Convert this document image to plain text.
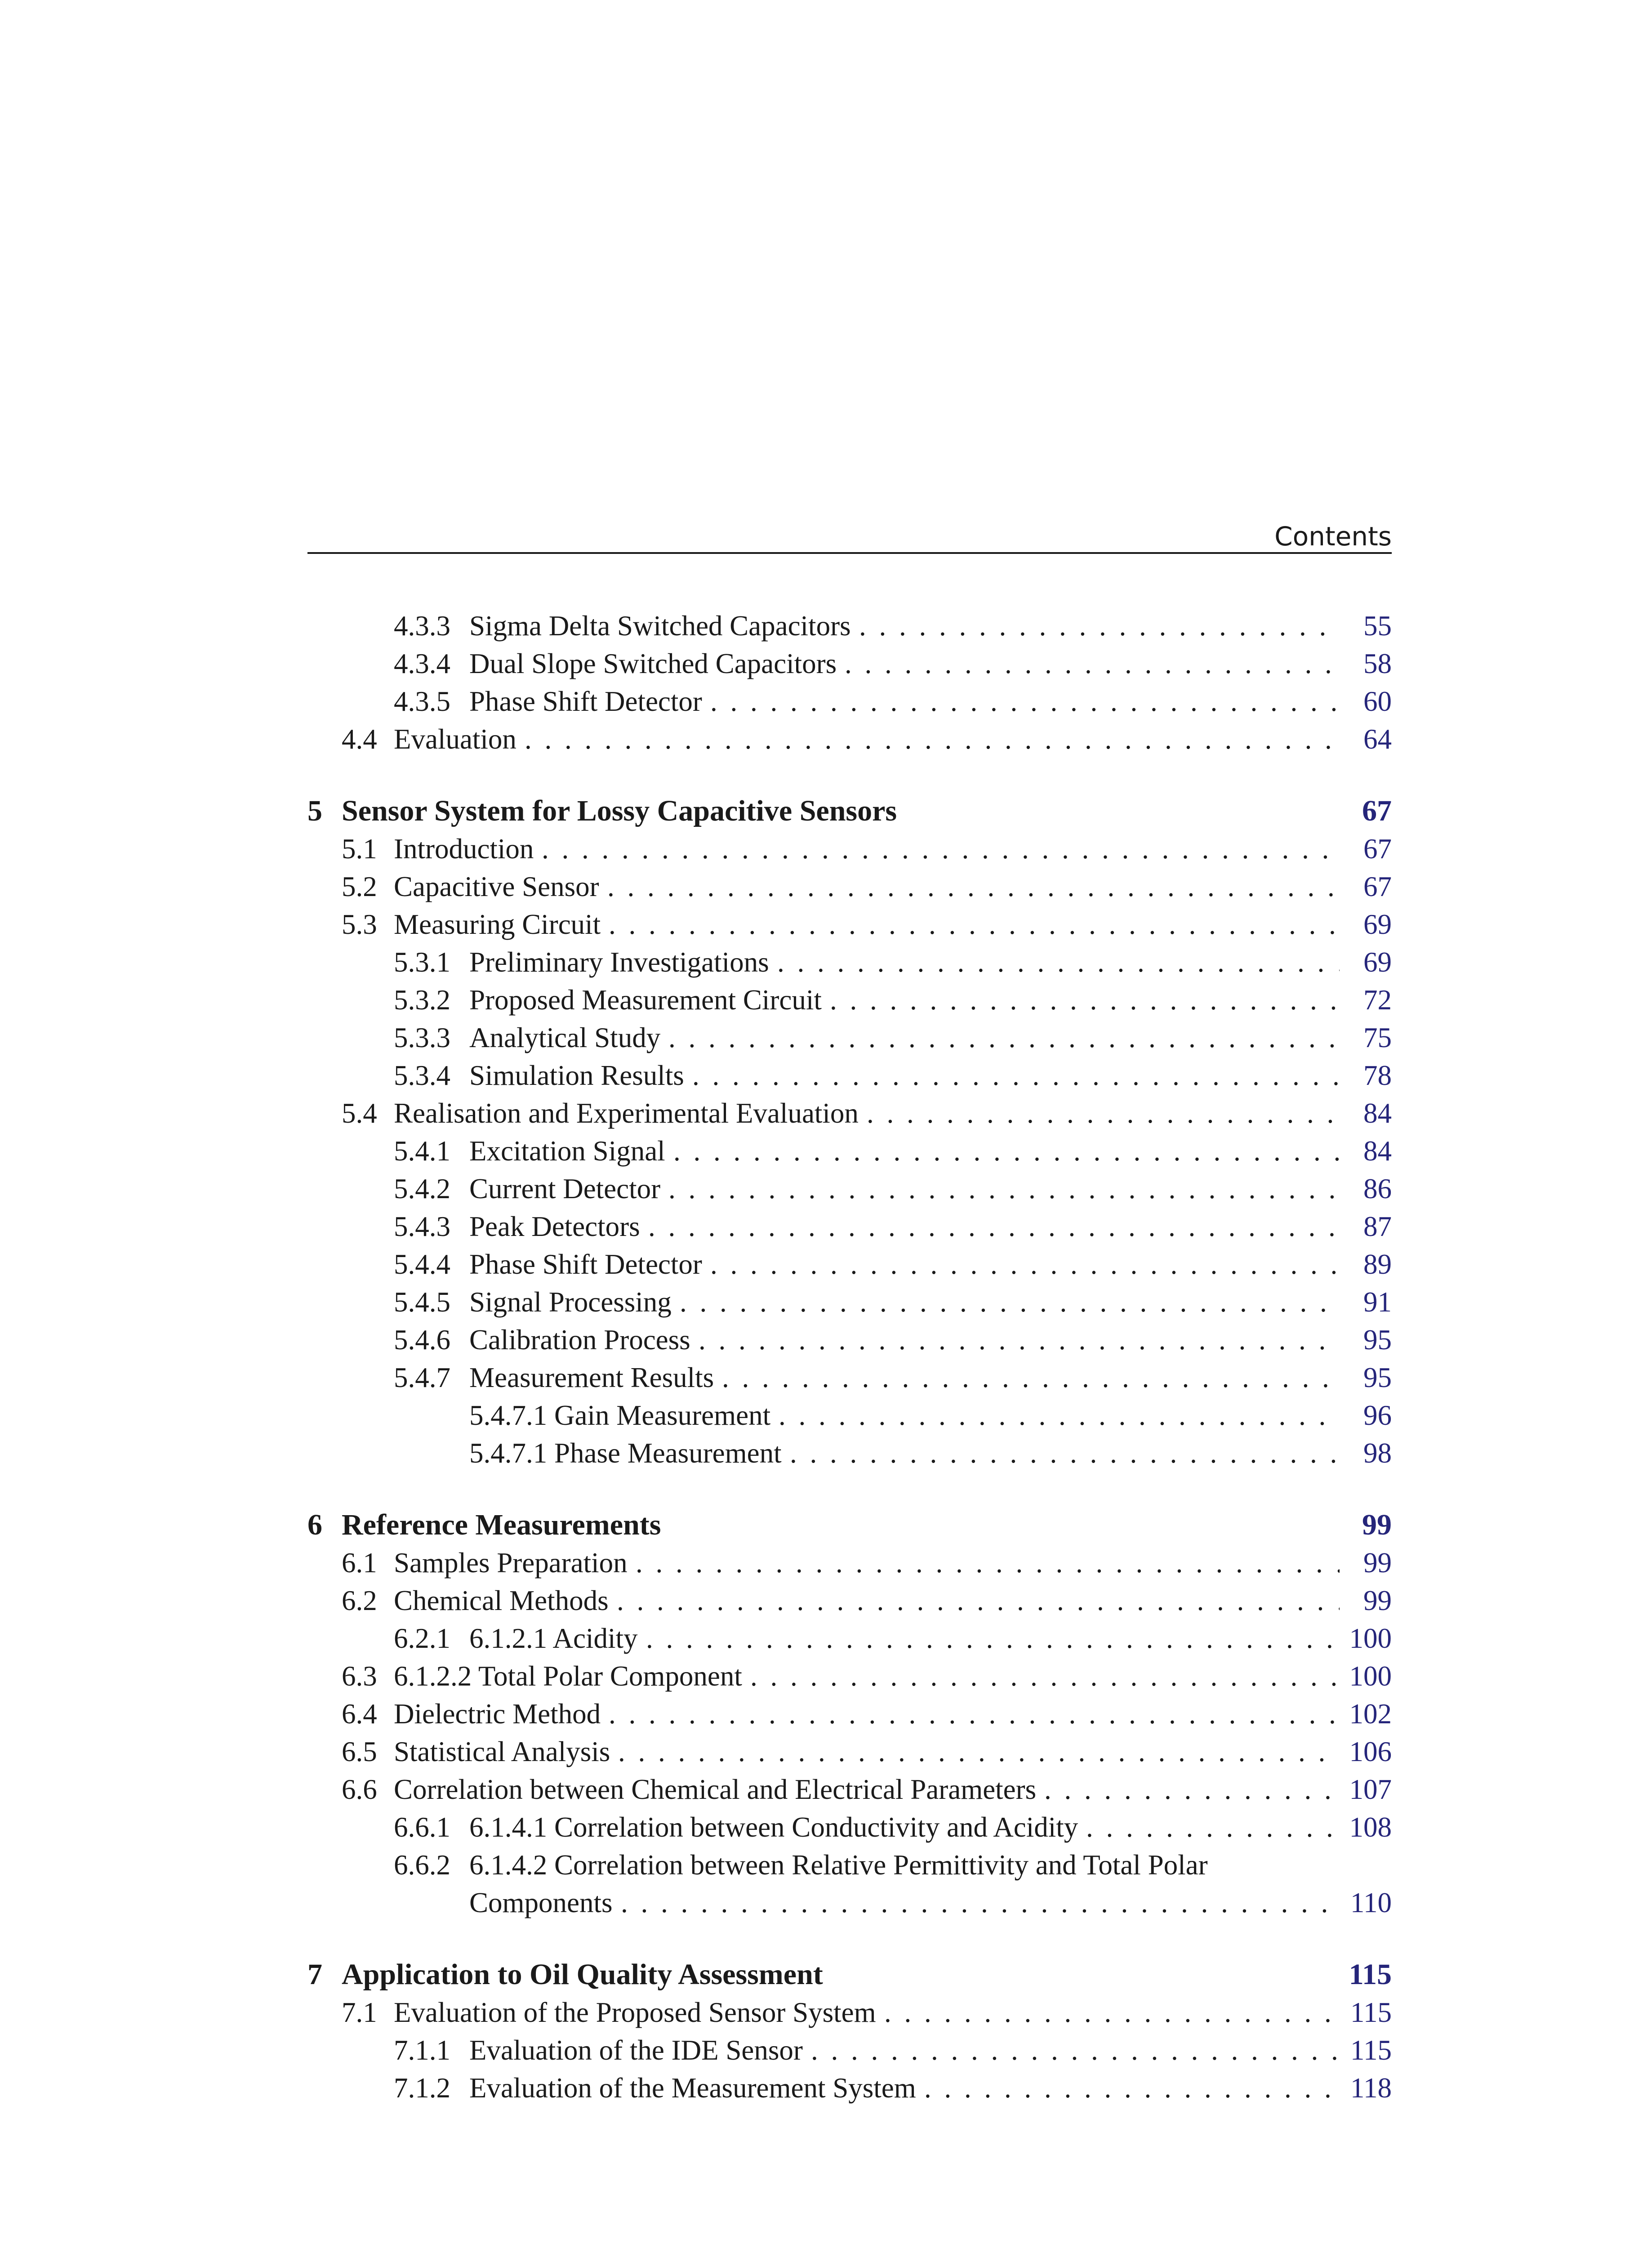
Contents
4.3.3 Sigma Delta Switched Capacitors . . .	55
4.3.4 Dual Slope Switched Capacitors . . .	58
4.3.5 Phase Shift Detector . . .	60
4.4 Evaluation . . .	64
5 Sensor System for Lossy Capacitive Sensors	67
5.1 Introduction . . .	67
5.2 Capacitive Sensor . . .	67
5.3 Measuring Circuit . . .	69
5.3.1 Preliminary Investigations . . .	69
5.3.2 Proposed Measurement Circuit . . .	72
5.3.3 Analytical Study . . .	75
5.3.4 Simulation Results . . .	78
5.4 Realisation and Experimental Evaluation . . .	84
5.4.1 Excitation Signal . . .	84
5.4.2 Current Detector . . .	86
5.4.3 Peak Detectors . . .	87
5.4.4 Phase Shift Detector . . .	89
5.4.5 Signal Processing . . .	91
5.4.6 Calibration Process . . .	95
5.4.7 Measurement Results . . .	95
5.4.7.1 Gain Measurement . . .	96
5.4.7.1 Phase Measurement . . .	98
6 Reference Measurements	99
6.1 Samples Preparation . . .	99
6.2 Chemical Methods . . .	99
6.2.1 6.1.2.1 Acidity . . .	100
6.3 6.1.2.2 Total Polar Component . . .	100
6.4 Dielectric Method . . .	102
6.5 Statistical Analysis . . .	106
6.6 Correlation between Chemical and Electrical Parameters . . .	107
6.6.1 6.1.4.1 Correlation between Conductivity and Acidity . . .	108
6.6.2 6.1.4.2 Correlation between Relative Permittivity and Total Polar
Components . . .	110
7 Application to Oil Quality Assessment	115
7.1 Evaluation of the Proposed Sensor System . . .	115
7.1.1 Evaluation of the IDE Sensor . . .	115
7.1.2 Evaluation of the Measurement System . . .	118
